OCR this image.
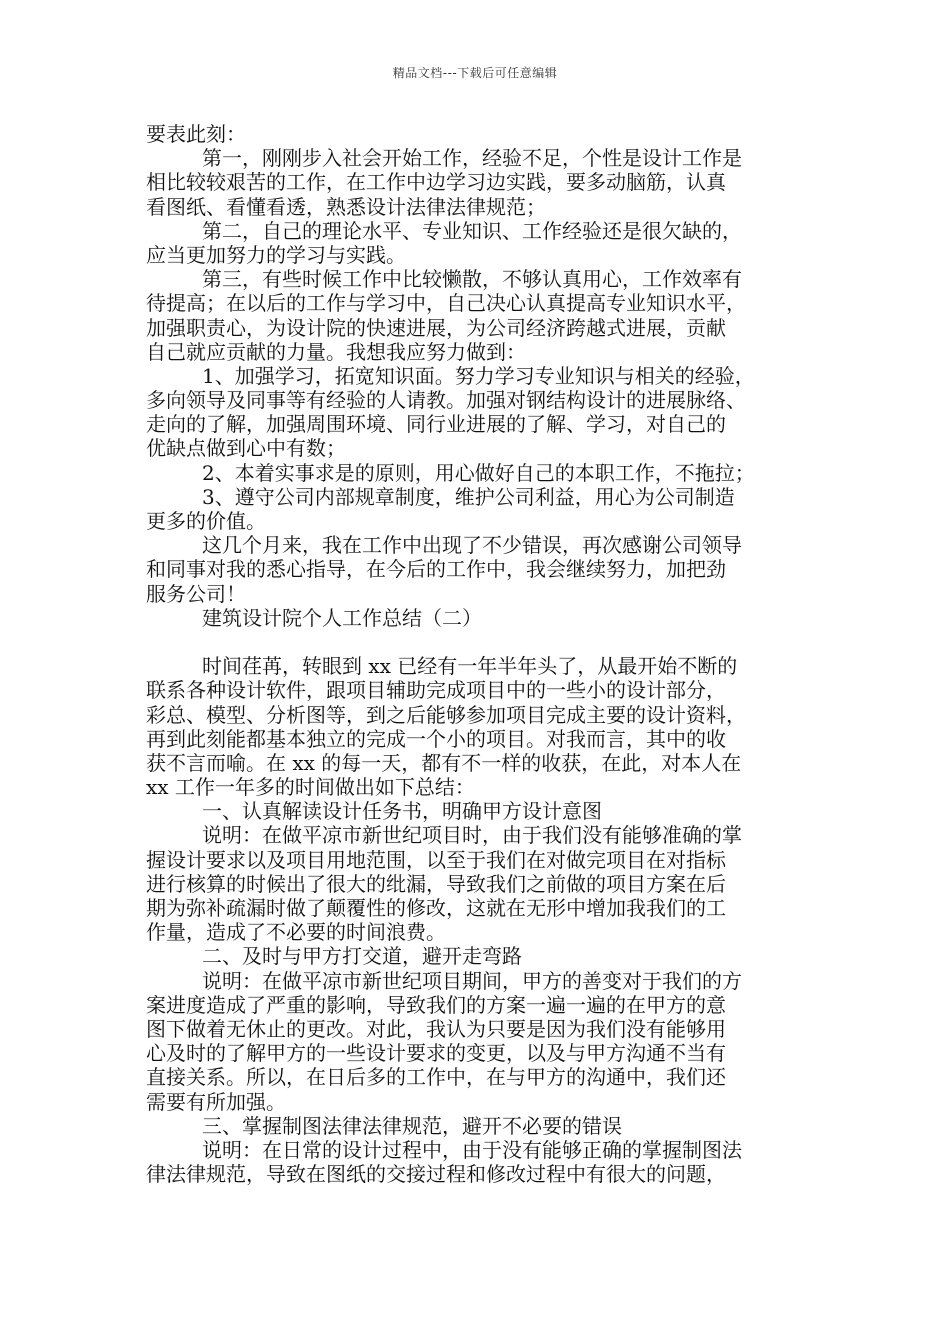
精品文档---下载后可任意编辑
要表此刻：
第一，刚刚步入社会开始工作，经验不足，个性是设计工作是
相比较较艰苦的工作，在工作中边学习边实践，要多动脑筋，认真
看图纸、看懂看透，熟悉设计法律法律规范；
第二，自己的理论水平、专业知识、工作经验还是很欠缺的，
应当更加努力的学习与实践。
第三，有些时候工作中比较懒散，不够认真用心，工作效率有
待提高；在以后的工作与学习中，自己决心认真提高专业知识水平，
加强职责心，为设计院的快速进展，为公司经济跨越式进展，贡献
自己就应贡献的力量。我想我应努力做到：
1、加强学习，拓宽知识面。努力学习专业知识与相关的经验，
多向领导及同事等有经验的人请教。加强对钢结构设计的进展脉络、
走向的了解，加强周围环境、同行业进展的了解、学习，对自己的
优缺点做到心中有数；
2、本着实事求是的原则，用心做好自己的本职工作，不拖拉；
3、遵守公司内部规章制度，维护公司利益，用心为公司制造
更多的价值。
这几个月来，我在工作中出现了不少错误，再次感谢公司领导
和同事对我的悉心指导，在今后的工作中，我会继续努力，加把劲
服务公司！
建筑设计院个人工作总结（二）
时间荏苒，转眼到 xx 已经有一年半年头了，从最开始不断的
联系各种设计软件，跟项目辅助完成项目中的一些小的设计部分，
彩总、模型、分析图等，到之后能够参加项目完成主要的设计资料，
再到此刻能都基本独立的完成一个小的项目。对我而言，其中的收
获不言而喻。在 xx 的每一天，都有不一样的收获，在此，对本人在
xx 工作一年多的时间做出如下总结：
一、认真解读设计任务书，明确甲方设计意图
说明：在做平凉市新世纪项目时，由于我们没有能够准确的掌
握设计要求以及项目用地范围，以至于我们在对做完项目在对指标
进行核算的时候出了很大的纰漏，导致我们之前做的项目方案在后
期为弥补疏漏时做了颠覆性的修改，这就在无形中增加我我们的工
作量，造成了不必要的时间浪费。
二、及时与甲方打交道，避开走弯路
说明：在做平凉市新世纪项目期间，甲方的善变对于我们的方
案进度造成了严重的影响，导致我们的方案一遍一遍的在甲方的意
图下做着无休止的更改。对此，我认为只要是因为我们没有能够用
心及时的了解甲方的一些设计要求的变更，以及与甲方沟通不当有
直接关系。所以，在日后多的工作中，在与甲方的沟通中，我们还
需要有所加强。
三、掌握制图法律法律规范，避开不必要的错误
说明：在日常的设计过程中，由于没有能够正确的掌握制图法
律法律规范，导致在图纸的交接过程和修改过程中有很大的问题，
